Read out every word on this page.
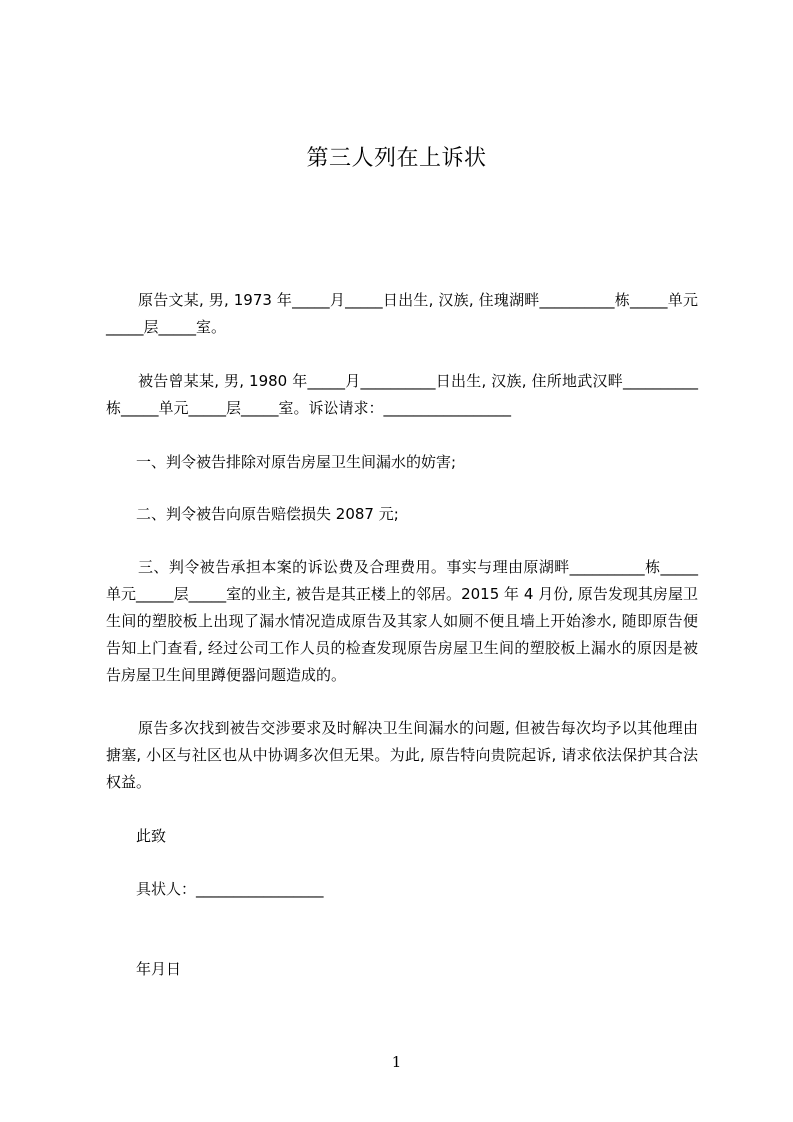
第三人列在上诉状

原告文某, 男, 1973 年_____月_____日出生, 汉族, 住瑰湖畔__________栋_____单元_____层_____室。

被告曾某某, 男, 1980 年_____月__________日出生, 汉族, 住所地武汉畔__________栋_____单元_____层_____室。诉讼请求：_________________

一、判令被告排除对原告房屋卫生间漏水的妨害;

二、判令被告向原告赔偿损失 2087 元;

三、判令被告承担本案的诉讼费及合理费用。事实与理由原湖畔__________栋_____单元_____层_____室的业主, 被告是其正楼上的邻居。2015 年 4 月份, 原告发现其房屋卫生间的塑胶板上出现了漏水情况造成原告及其家人如厕不便且墙上开始渗水, 随即原告便告知上门查看, 经过公司工作人员的检查发现原告房屋卫生间的塑胶板上漏水的原因是被告房屋卫生间里蹲便器问题造成的。

原告多次找到被告交涉要求及时解决卫生间漏水的问题, 但被告每次均予以其他理由搪塞, 小区与社区也从中协调多次但无果。为此, 原告特向贵院起诉, 请求依法保护其合法权益。

此致
具状人：_________________
年月日
1
